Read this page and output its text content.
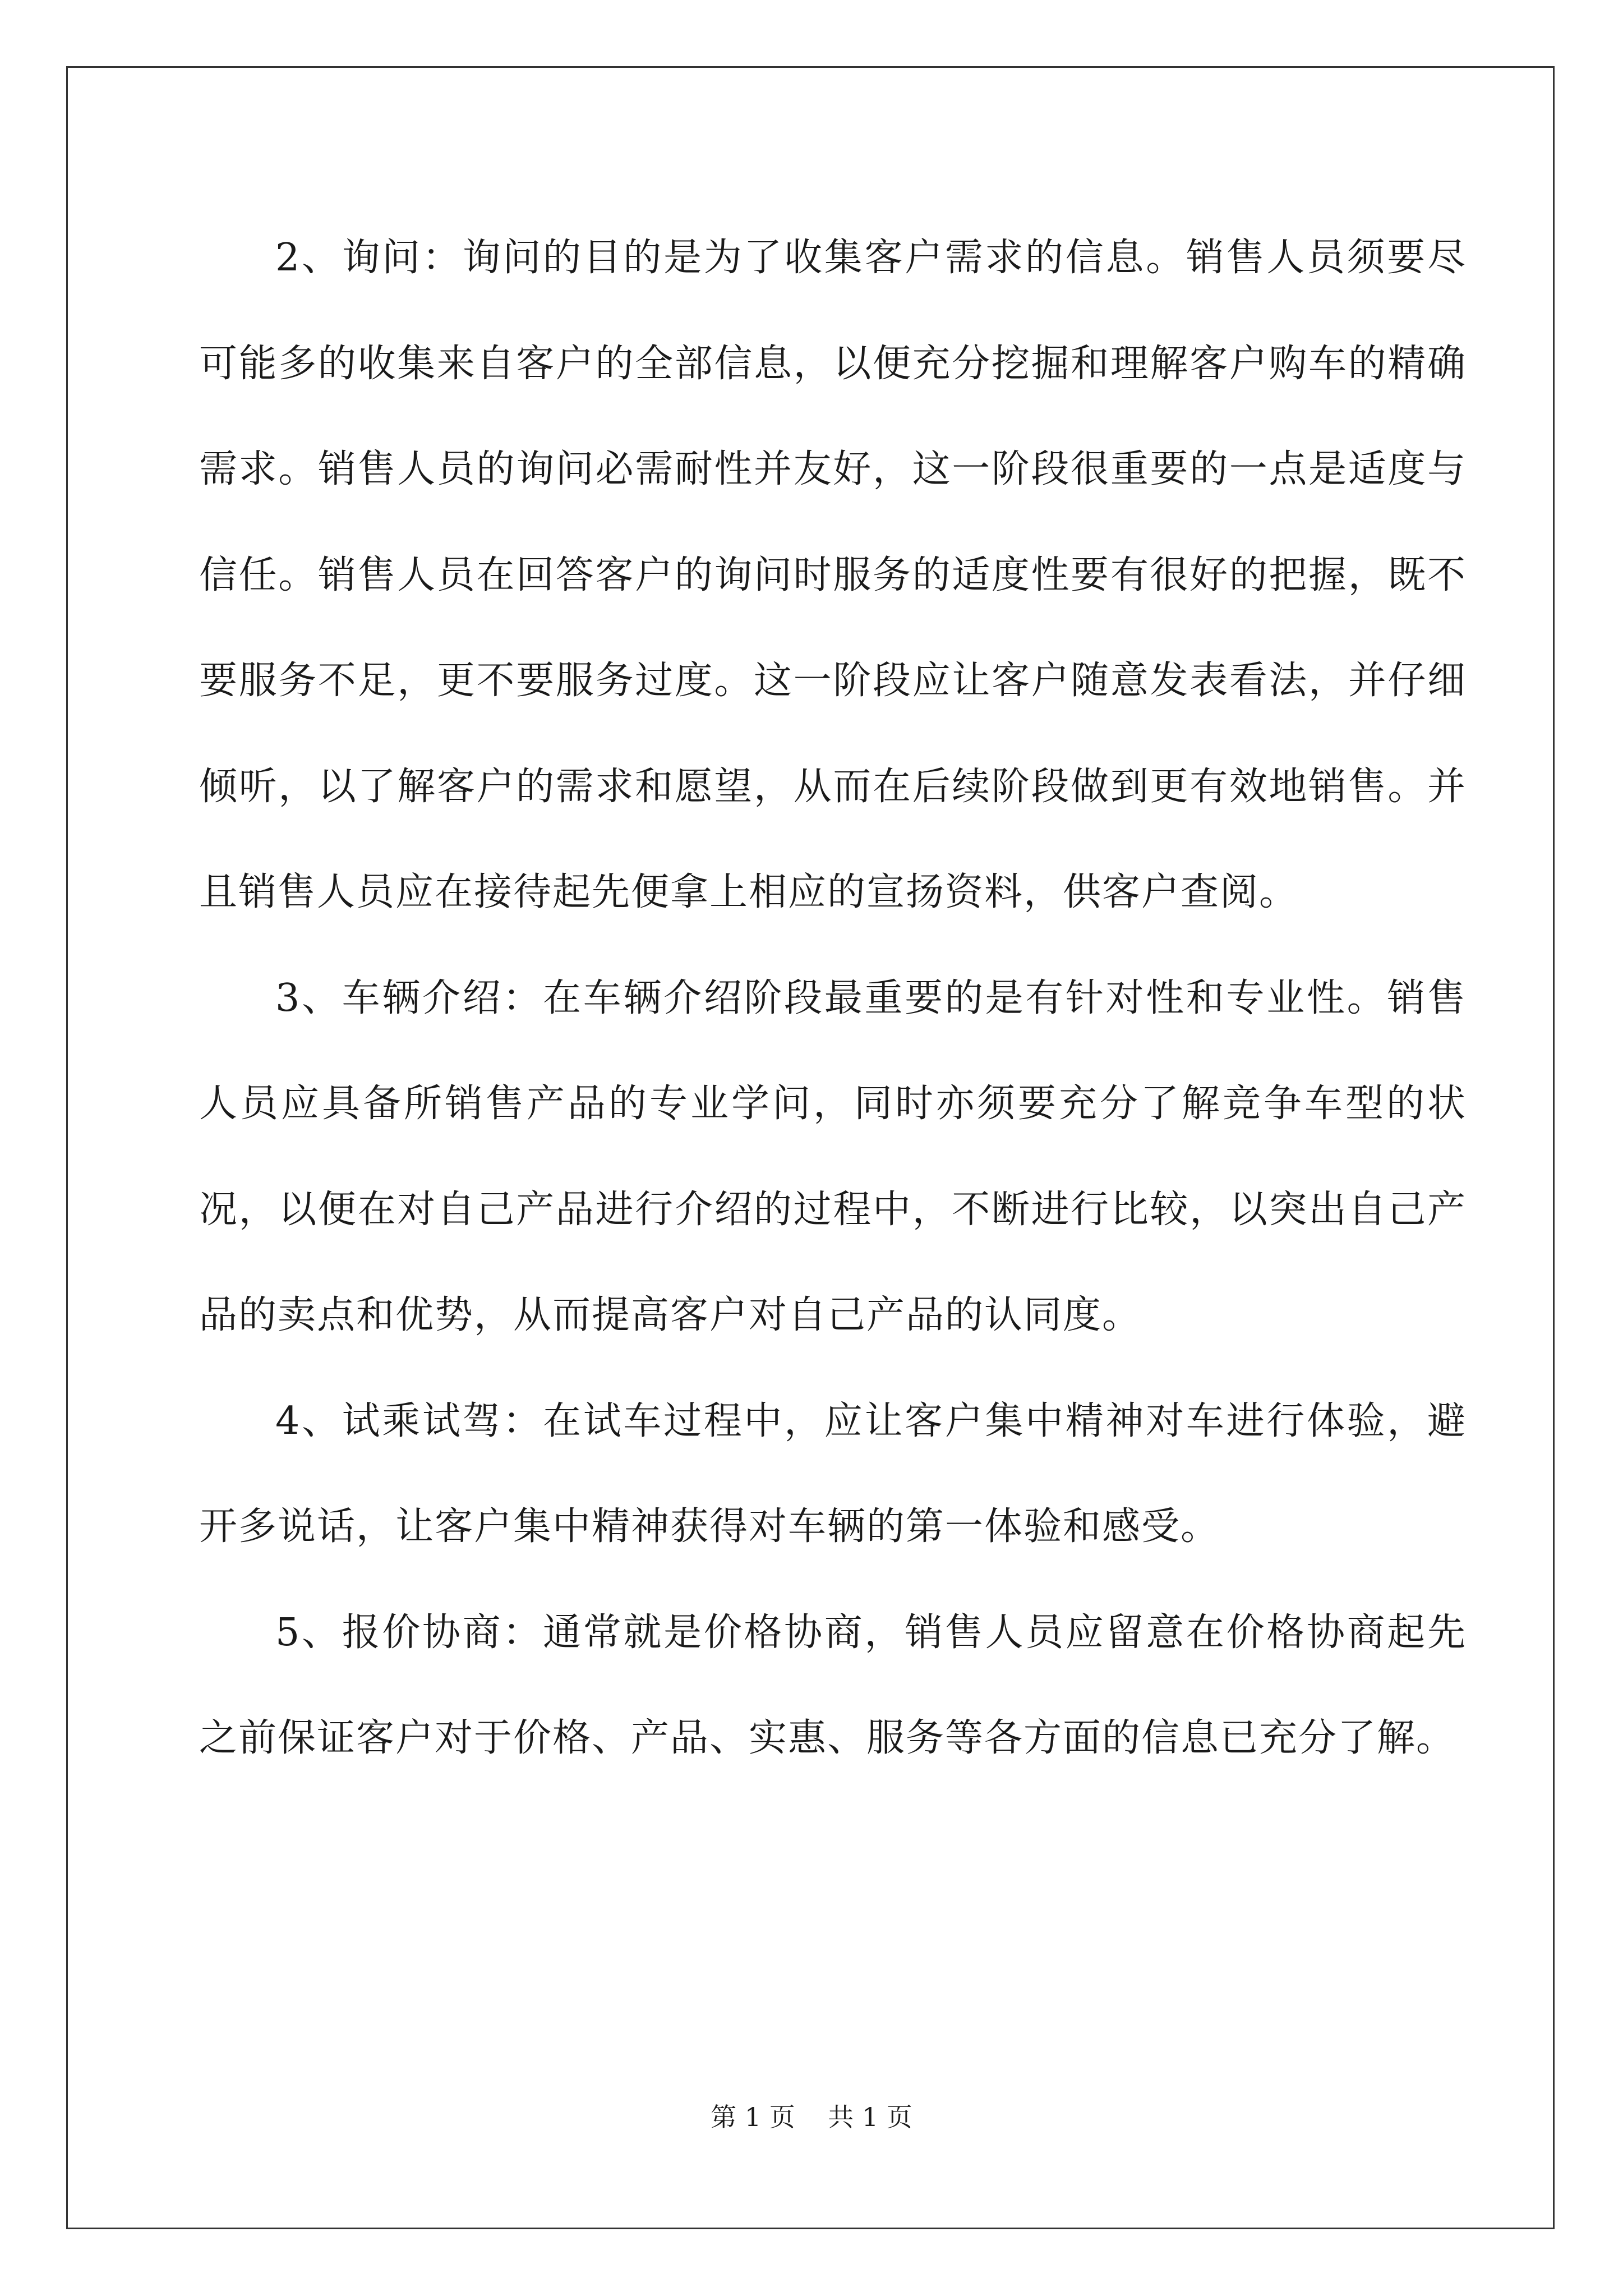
2、询问：询问的目的是为了收集客户需求的信息。销售人员须要尽可能多的收集来自客户的全部信息，以便充分挖掘和理解客户购车的精确需求。销售人员的询问必需耐性并友好，这一阶段很重要的一点是适度与信任。销售人员在回答客户的询问时服务的适度性要有很好的把握，既不要服务不足，更不要服务过度。这一阶段应让客户随意发表看法，并仔细倾听，以了解客户的需求和愿望，从而在后续阶段做到更有效地销售。并且销售人员应在接待起先便拿上相应的宣扬资料，供客户查阅。

3、车辆介绍：在车辆介绍阶段最重要的是有针对性和专业性。销售人员应具备所销售产品的专业学问，同时亦须要充分了解竞争车型的状况，以便在对自己产品进行介绍的过程中，不断进行比较，以突出自己产品的卖点和优势，从而提高客户对自己产品的认同度。

4、试乘试驾：在试车过程中，应让客户集中精神对车进行体验，避开多说话，让客户集中精神获得对车辆的第一体验和感受。

5、报价协商：通常就是价格协商，销售人员应留意在价格协商起先之前保证客户对于价格、产品、实惠、服务等各方面的信息已充分了解。

第 1 页    共 1 页
